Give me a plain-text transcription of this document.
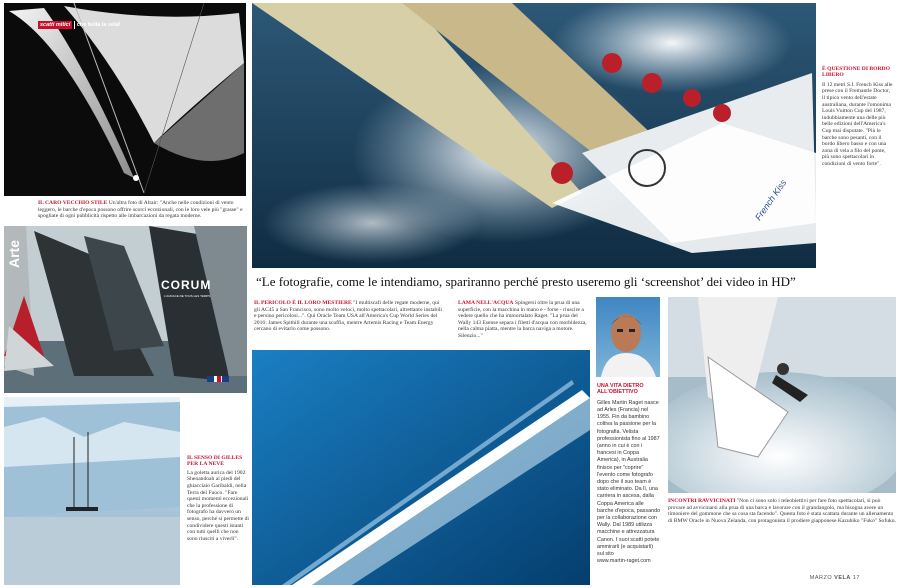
scatti mitici che bella la vela!
IL CARO VECCHIO STILE Un'altra foto di Altair: "Anche nelle condizioni di vento leggero, le barche d'epoca possono offrire scorci eccezionali, con le loro vele più "grasse" e spogliate di ogni pubblicità rispetto alle imbarcazioni da regata moderne.	French Kiss
È QUESTIONE DI BORDO LIBERO
Il 12 metri S.I. French Kiss alle prese con il Fremantle Doctor, il tipico vento dell'estate australiana, durante l'omonima Louis Vuitton Cup del 1987, indubbiamente una delle più belle edizioni dell'America's Cup mai disputate. "Più le barche sono pesanti, con il bordo libero basso e con una zona di vela a filo del ponte, più sono spettacolari in condizioni di vento forte".
Arte
CORUM
L'AUDACE DE TOUS LES TEMPS
IL PERICOLO È IL LORO MESTIERE "I multiscafi delle regate moderne, qui gli AC45 a San Francisco, sono molto veloci, molto spettacolari, altrettanto instabili e persino pericolosi...". Qui Oracle Team USA all'America's Cup World Series del 2016: James Spithill durante una scuffia, mentre Artemis Racing e Team Energy cercano di evitarlo come possono.
“Le fotografie, come le intendiamo, spariranno perché presto useremo gli ‘screenshot’ dei video in HD”
LAMA NELL'ACQUA Spingersi oltre la prua di una superficie, con la macchina in mano e - forse - riuscire a vedere quello che ha immortalato Raget. "La prua del Wally 143 Esense separa i filetti d'acqua con morbidezza, nella calma piatta, mentre la barca naviga a motore. Silenzio..."
UNA VITA DIETRO ALL'OBIETTIVO
Gilles Martin Raget nasce ad Arles (Francia) nel 1955. Fin da bambino coltiva la passione per la fotografia. Velista professionista fino al 1987 (anno in cui è con i francesi in Coppa America), in Australia finisce per "coprire" l'evento come fotografo dopo che il suo team è stato eliminato. Da lì, una carriera in ascesa, dalla Coppa America alle barche d'epoca, passando per la collaborazione con Wally. Dal 1989 utilizza macchine e attrezzatura Canon. I suoi scatti potete ammirarli (e acquistarli) sul sito
www.martin-raget.com
INCONTRI RAVVICINATI "Non ci sono solo i teleobiettivi per fare foto spettacolari, si può provare ad avvicinarsi alla prua di una barca e lavorare con il grandangolo, ma bisogna avere un timoniere del gommone che sa cosa sta facendo". Questa foto è stata scattata durante un allenamento di BMW Oracle in Nuova Zelanda, con protagonista il prodiere giapponese Kazuhiko "Fuko" Sofuku.
IL SENSO DI GILLES PER LA NEVE
La goletta aurica del 1902 Shenandoah ai piedi del ghiacciaio Garibaldi, nella Terra del Fuoco. "Fare questi momenti eccezionali che la professione di fotografo ha davvero un senso, perché si permette di condividere questi istanti con tutti quelli che non sono riusciti a viverli".
MARZO VELA 17
